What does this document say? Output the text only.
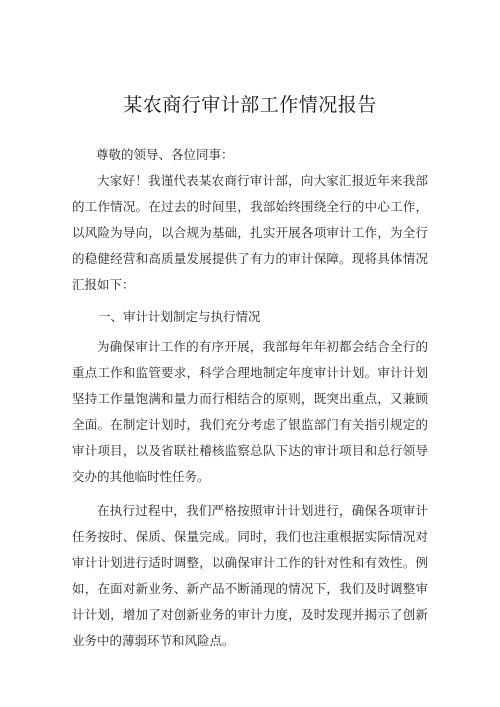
某农商行审计部工作情况报告

尊敬的领导、各位同事：

大家好！我谨代表某农商行审计部，向大家汇报近年来我部的工作情况。在过去的时间里，我部始终围绕全行的中心工作，以风险为导向，以合规为基础，扎实开展各项审计工作，为全行的稳健经营和高质量发展提供了有力的审计保障。现将具体情况汇报如下：

一、审计计划制定与执行情况

为确保审计工作的有序开展，我部每年年初都会结合全行的重点工作和监管要求，科学合理地制定年度审计计划。审计计划坚持工作量饱满和量力而行相结合的原则，既突出重点，又兼顾全面。在制定计划时，我们充分考虑了银监部门有关指引规定的审计项目，以及省联社稽核监察总队下达的审计项目和总行领导交办的其他临时性任务。

在执行过程中，我们严格按照审计计划进行，确保各项审计任务按时、保质、保量完成。同时，我们也注重根据实际情况对审计计划进行适时调整，以确保审计工作的针对性和有效性。例如，在面对新业务、新产品不断涌现的情况下，我们及时调整审计计划，增加了对创新业务的审计力度，及时发现并揭示了创新业务中的薄弱环节和风险点。
